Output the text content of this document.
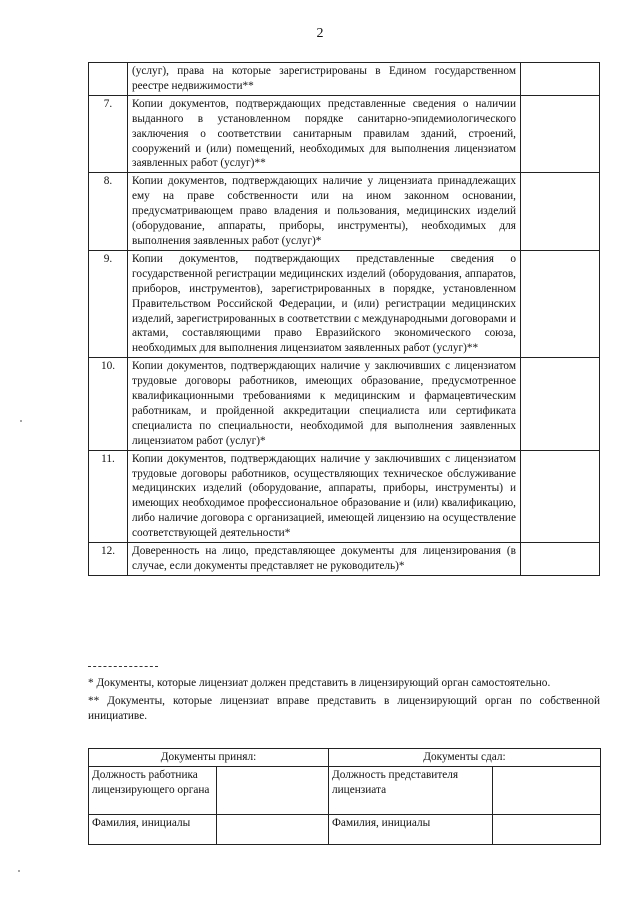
2
	(услуг), права на которые зарегистрированы в Едином государственном реестре недвижимости**	
7.	Копии документов, подтверждающих представленные сведения о наличии выданного в установленном порядке санитарно-эпидемиологического заключения о соответствии санитарным правилам зданий, строений, сооружений и (или) помещений, необходимых для выполнения лицензиатом заявленных работ (услуг)**	
8.	Копии документов, подтверждающих наличие у лицензиата принадлежащих ему на праве собственности или на ином законном основании, предусматривающем право владения и пользования, медицинских изделий (оборудование, аппараты, приборы, инструменты), необходимых для выполнения заявленных работ (услуг)*	
9.	Копии документов, подтверждающих представленные сведения о государственной регистрации медицинских изделий (оборудования, аппаратов, приборов, инструментов), зарегистрированных в порядке, установленном Правительством Российской Федерации, и (или) регистрации медицинских изделий, зарегистрированных в соответствии с международными договорами и актами, составляющими право Евразийского экономического союза, необходимых для выполнения лицензиатом заявленных работ (услуг)**	
10.	Копии документов, подтверждающих наличие у заключивших с лицензиатом трудовые договоры работников, имеющих образование, предусмотренное квалификационными требованиями к медицинским и фармацевтическим работникам, и пройденной аккредитации специалиста или сертификата специалиста по специальности, необходимой для выполнения заявленных лицензиатом работ (услуг)*	
11.	Копии документов, подтверждающих наличие у заключивших с лицензиатом трудовые договоры работников, осуществляющих техническое обслуживание медицинских изделий (оборудование, аппараты, приборы, инструменты) и имеющих необходимое профессиональное образование и (или) квалификацию, либо наличие договора с организацией, имеющей лицензию на осуществление соответствующей деятельности*	
12.	Доверенность на лицо, представляющее документы для лицензирования (в случае, если документы представляет не руководитель)*	

* Документы, которые лицензиат должен представить в лицензирующий орган самостоятельно.

** Документы, которые лицензиат вправе представить в лицензирующий орган по собственной инициативе.

Документы принял:		Документы сдал:	
Должность работника лицензирующего органа		Должность представителя лицензиата	
Фамилия, инициалы		Фамилия, инициалы	
